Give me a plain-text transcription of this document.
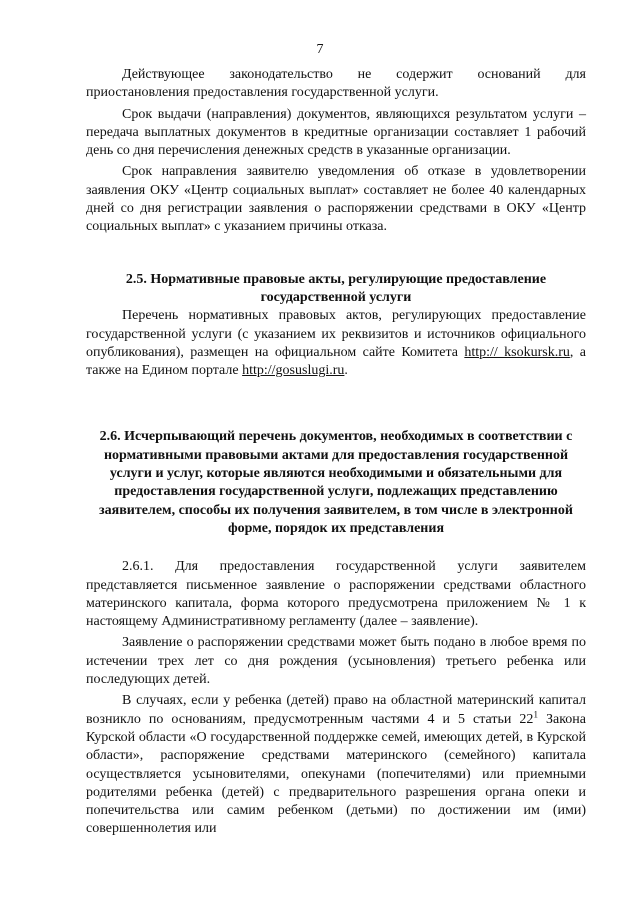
7

Действующее законодательство не содержит оснований для приостановления предоставления государственной услуги.

Срок выдачи (направления) документов, являющихся результатом услуги – передача выплатных документов в кредитные организации составляет 1 рабочий день со дня перечисления денежных средств в указанные организации.

Срок направления заявителю уведомления об отказе в удовлетворении заявления ОКУ «Центр социальных выплат» составляет не более 40 календарных дней со дня регистрации заявления о распоряжении средствами в ОКУ «Центр социальных выплат» с указанием причины отказа.

2.5. Нормативные правовые акты, регулирующие предоставление
государственной услуги

Перечень нормативных правовых актов, регулирующих предоставление государственной услуги (с указанием их реквизитов и источников официального опубликования), размещен на официальном сайте Комитета http:// ksokursk.ru, а также на Едином портале http://gosuslugi.ru.

2.6. Исчерпывающий перечень документов, необходимых в соответствии с нормативными правовыми актами для предоставления государственной услуги и услуг, которые являются необходимыми и обязательными для предоставления государственной услуги, подлежащих представлению заявителем, способы их получения заявителем, в том числе в электронной форме, порядок их представления

2.6.1. Для предоставления государственной услуги заявителем представляется письменное заявление о распоряжении средствами областного материнского капитала, форма которого предусмотрена приложением № 1 к настоящему Административному регламенту (далее – заявление).

Заявление о распоряжении средствами может быть подано в любое время по истечении трех лет со дня рождения (усыновления) третьего ребенка или последующих детей.

В случаях, если у ребенка (детей) право на областной материнский капитал возникло по основаниям, предусмотренным частями 4 и 5 статьи $22^1$ Закона Курской области «О государственной поддержке семей, имеющих детей, в Курской области», распоряжение средствами материнского (семейного) капитала осуществляется усыновителями, опекунами (попечителями) или приемными родителями ребенка (детей) с предварительного разрешения органа опеки и попечительства или самим ребенком (детьми) по достижении им (ими) совершеннолетия или
